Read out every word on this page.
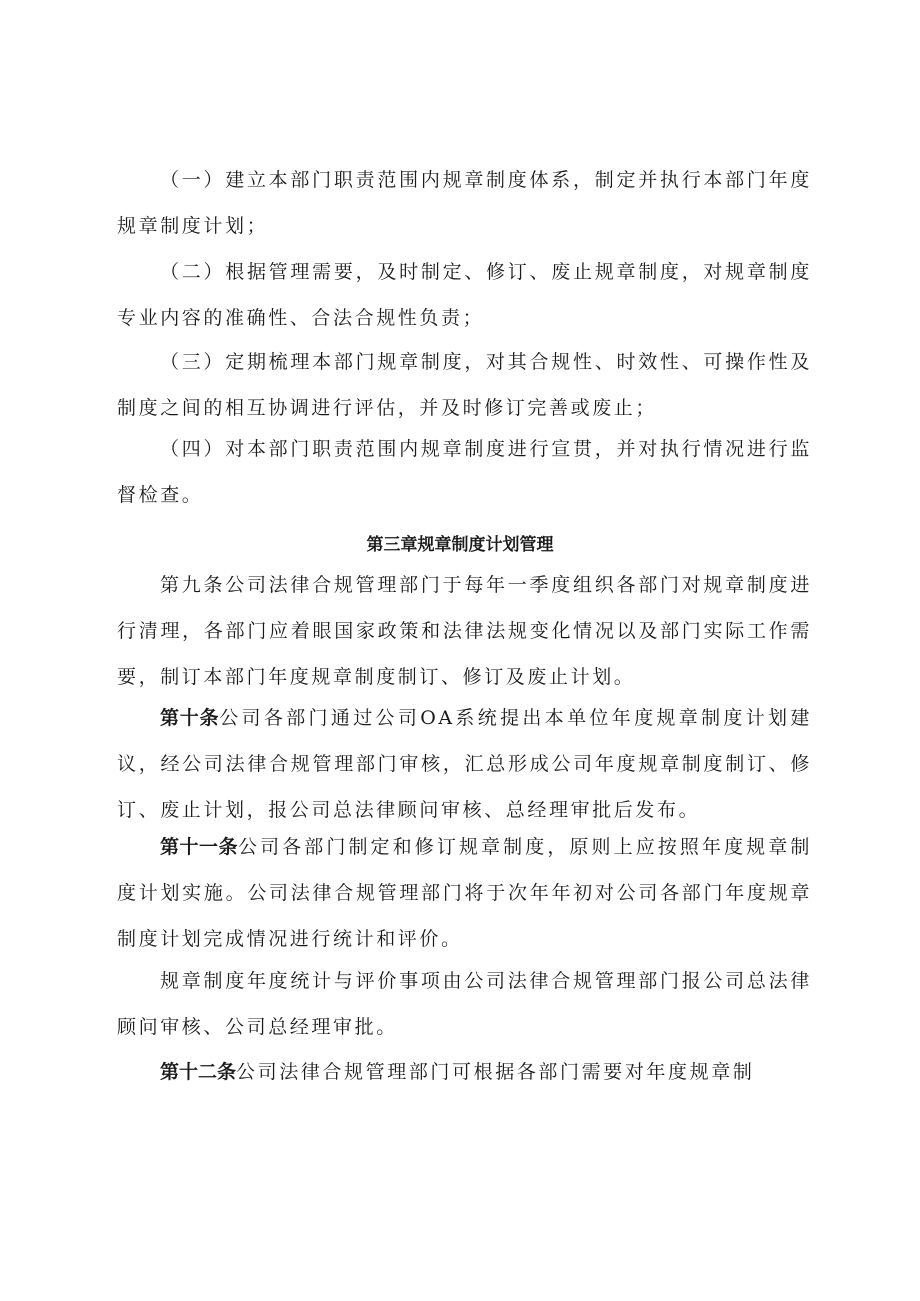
（一）建立本部门职责范围内规章制度体系，制定并执行本部门年度规章制度计划；

（二）根据管理需要，及时制定、修订、废止规章制度，对规章制度专业内容的准确性、合法合规性负责；

（三）定期梳理本部门规章制度，对其合规性、时效性、可操作性及制度之间的相互协调进行评估，并及时修订完善或废止；

（四）对本部门职责范围内规章制度进行宣贯，并对执行情况进行监督检查。

第三章规章制度计划管理

第九条公司法律合规管理部门于每年一季度组织各部门对规章制度进行清理，各部门应着眼国家政策和法律法规变化情况以及部门实际工作需要，制订本部门年度规章制度制订、修订及废止计划。

第十条公司各部门通过公司OA系统提出本单位年度规章制度计划建议，经公司法律合规管理部门审核，汇总形成公司年度规章制度制订、修订、废止计划，报公司总法律顾问审核、总经理审批后发布。

第十一条公司各部门制定和修订规章制度，原则上应按照年度规章制度计划实施。公司法律合规管理部门将于次年年初对公司各部门年度规章制度计划完成情况进行统计和评价。

规章制度年度统计与评价事项由公司法律合规管理部门报公司总法律顾问审核、公司总经理审批。

第十二条公司法律合规管理部门可根据各部门需要对年度规章制
